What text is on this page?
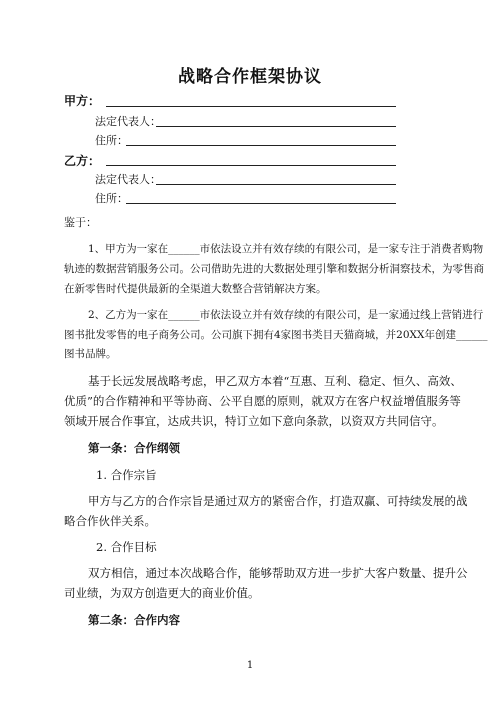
战略合作框架协议
甲方：
法定代表人：
住所：
乙方：
法定代表人：
住所：
鉴于：
1、甲方为一家在______市依法设立并有效存续的有限公司，是一家专注于消费者购物
轨迹的数据营销服务公司。公司借助先进的大数据处理引擎和数据分析洞察技术，为零售商
在新零售时代提供最新的全渠道大数整合营销解决方案。
2、乙方为一家在______市依法设立并有效存续的有限公司，是一家通过线上营销进行
图书批发零售的电子商务公司。公司旗下拥有4家图书类目天猫商城，并20XX年创建______
图书品牌。
基于长远发展战略考虑，甲乙双方本着“互惠、互利、稳定、恒久、高效、
优质”的合作精神和平等协商、公平自愿的原则，就双方在客户权益增值服务等
领域开展合作事宜，达成共识，特订立如下意向条款，以资双方共同信守。
第一条：合作纲领
1. 合作宗旨
甲方与乙方的合作宗旨是通过双方的紧密合作，打造双赢、可持续发展的战
略合作伙伴关系。
2. 合作目标
双方相信，通过本次战略合作，能够帮助双方进一步扩大客户数量、提升公
司业绩，为双方创造更大的商业价值。
第二条：合作内容
1
